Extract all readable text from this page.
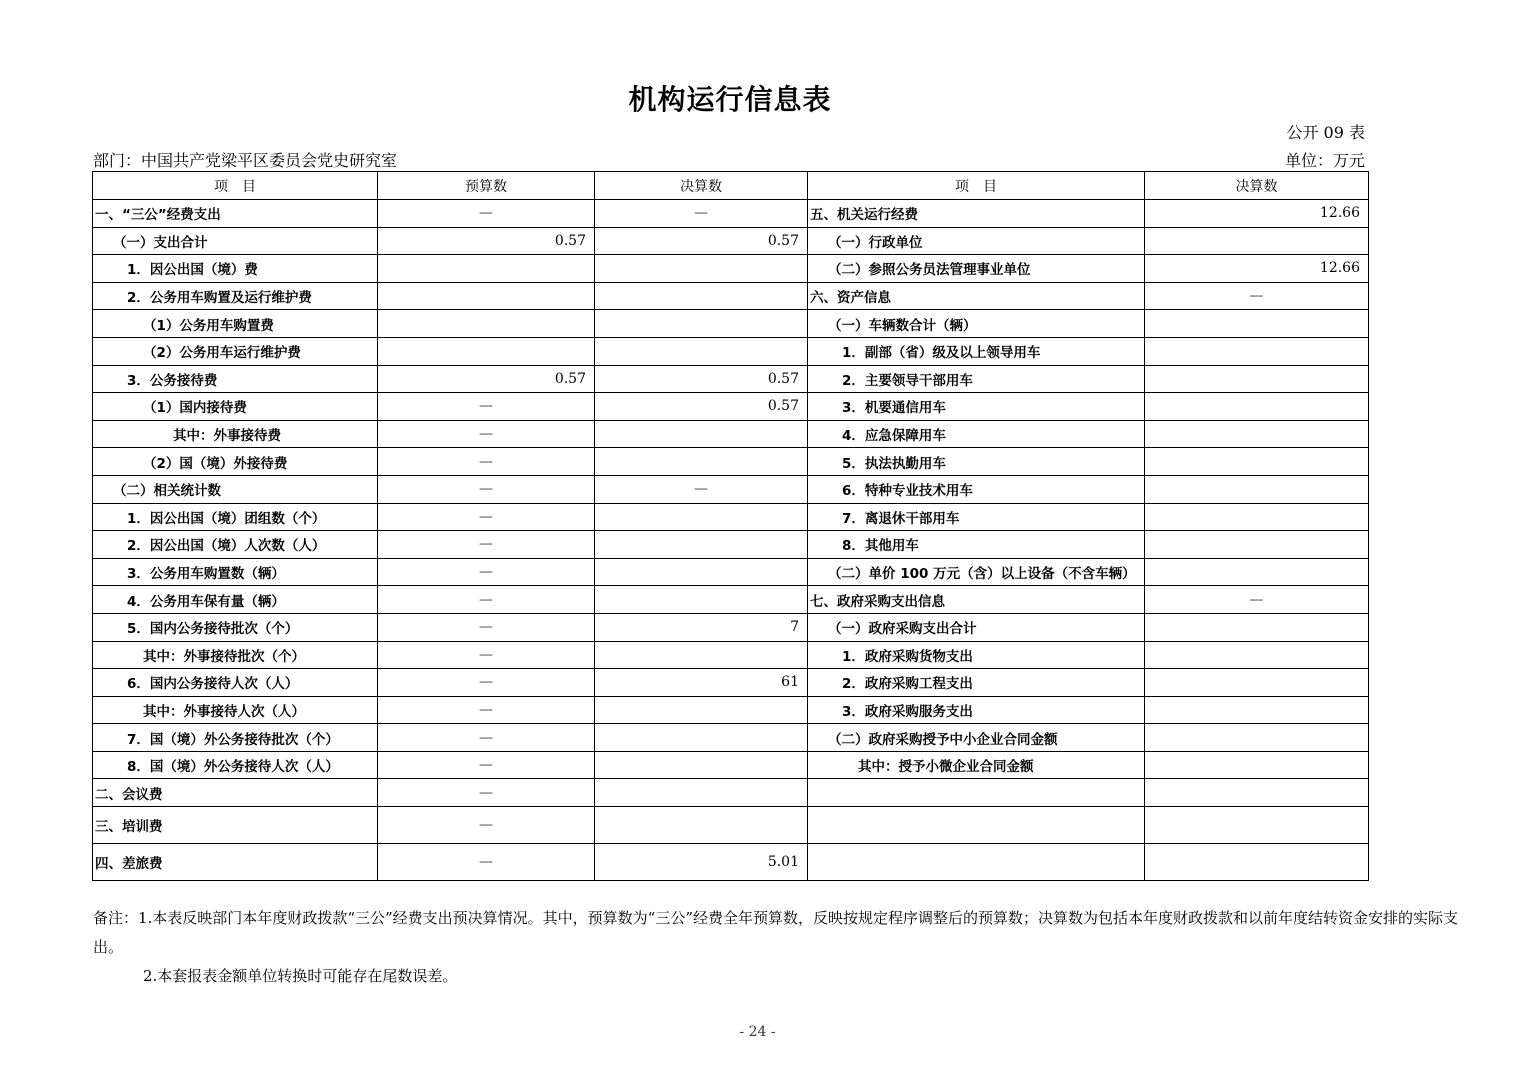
机构运行信息表
公开 09 表
部门：中国共产党梁平区委员会党史研究室	单位：万元
项　目	预算数	决算数	项　目	决算数
一、“三公”经费支出	—	—	五、机关运行经费	12.66
（一）支出合计	0.57	0.57	（一）行政单位	
1．因公出国（境）费			（二）参照公务员法管理事业单位	12.66
2．公务用车购置及运行维护费			六、资产信息	—
（1）公务用车购置费			（一）车辆数合计（辆）	
（2）公务用车运行维护费			1．副部（省）级及以上领导用车	
3．公务接待费	0.57	0.57	2．主要领导干部用车	
（1）国内接待费	—	0.57	3．机要通信用车	
其中：外事接待费	—		4．应急保障用车	
（2）国（境）外接待费	—		5．执法执勤用车	
（二）相关统计数	—	—	6．特种专业技术用车	
1．因公出国（境）团组数（个）	—		7．离退休干部用车	
2．因公出国（境）人次数（人）	—		8．其他用车	
3．公务用车购置数（辆）	—		（二）单价 100 万元（含）以上设备（不含车辆）	
4．公务用车保有量（辆）	—		七、政府采购支出信息	—
5．国内公务接待批次（个）	—	7	（一）政府采购支出合计	
其中：外事接待批次（个）	—		1．政府采购货物支出	
6．国内公务接待人次（人）	—	61	2．政府采购工程支出	
其中：外事接待人次（人）	—		3．政府采购服务支出	
7．国（境）外公务接待批次（个）	—		（二）政府采购授予中小企业合同金额	
8．国（境）外公务接待人次（人）	—		其中：授予小微企业合同金额	
二、会议费	—			
三、培训费	—			
四、差旅费	—	5.01		
备注：1.本表反映部门本年度财政拨款“三公”经费支出预决算情况。其中，预算数为“三公”经费全年预算数，反映按规定程序调整后的预算数；决算数为包括本年度财政拨款和以前年度结转资金安排的实际支出。
2.本套报表金额单位转换时可能存在尾数误差。
- 24 -
